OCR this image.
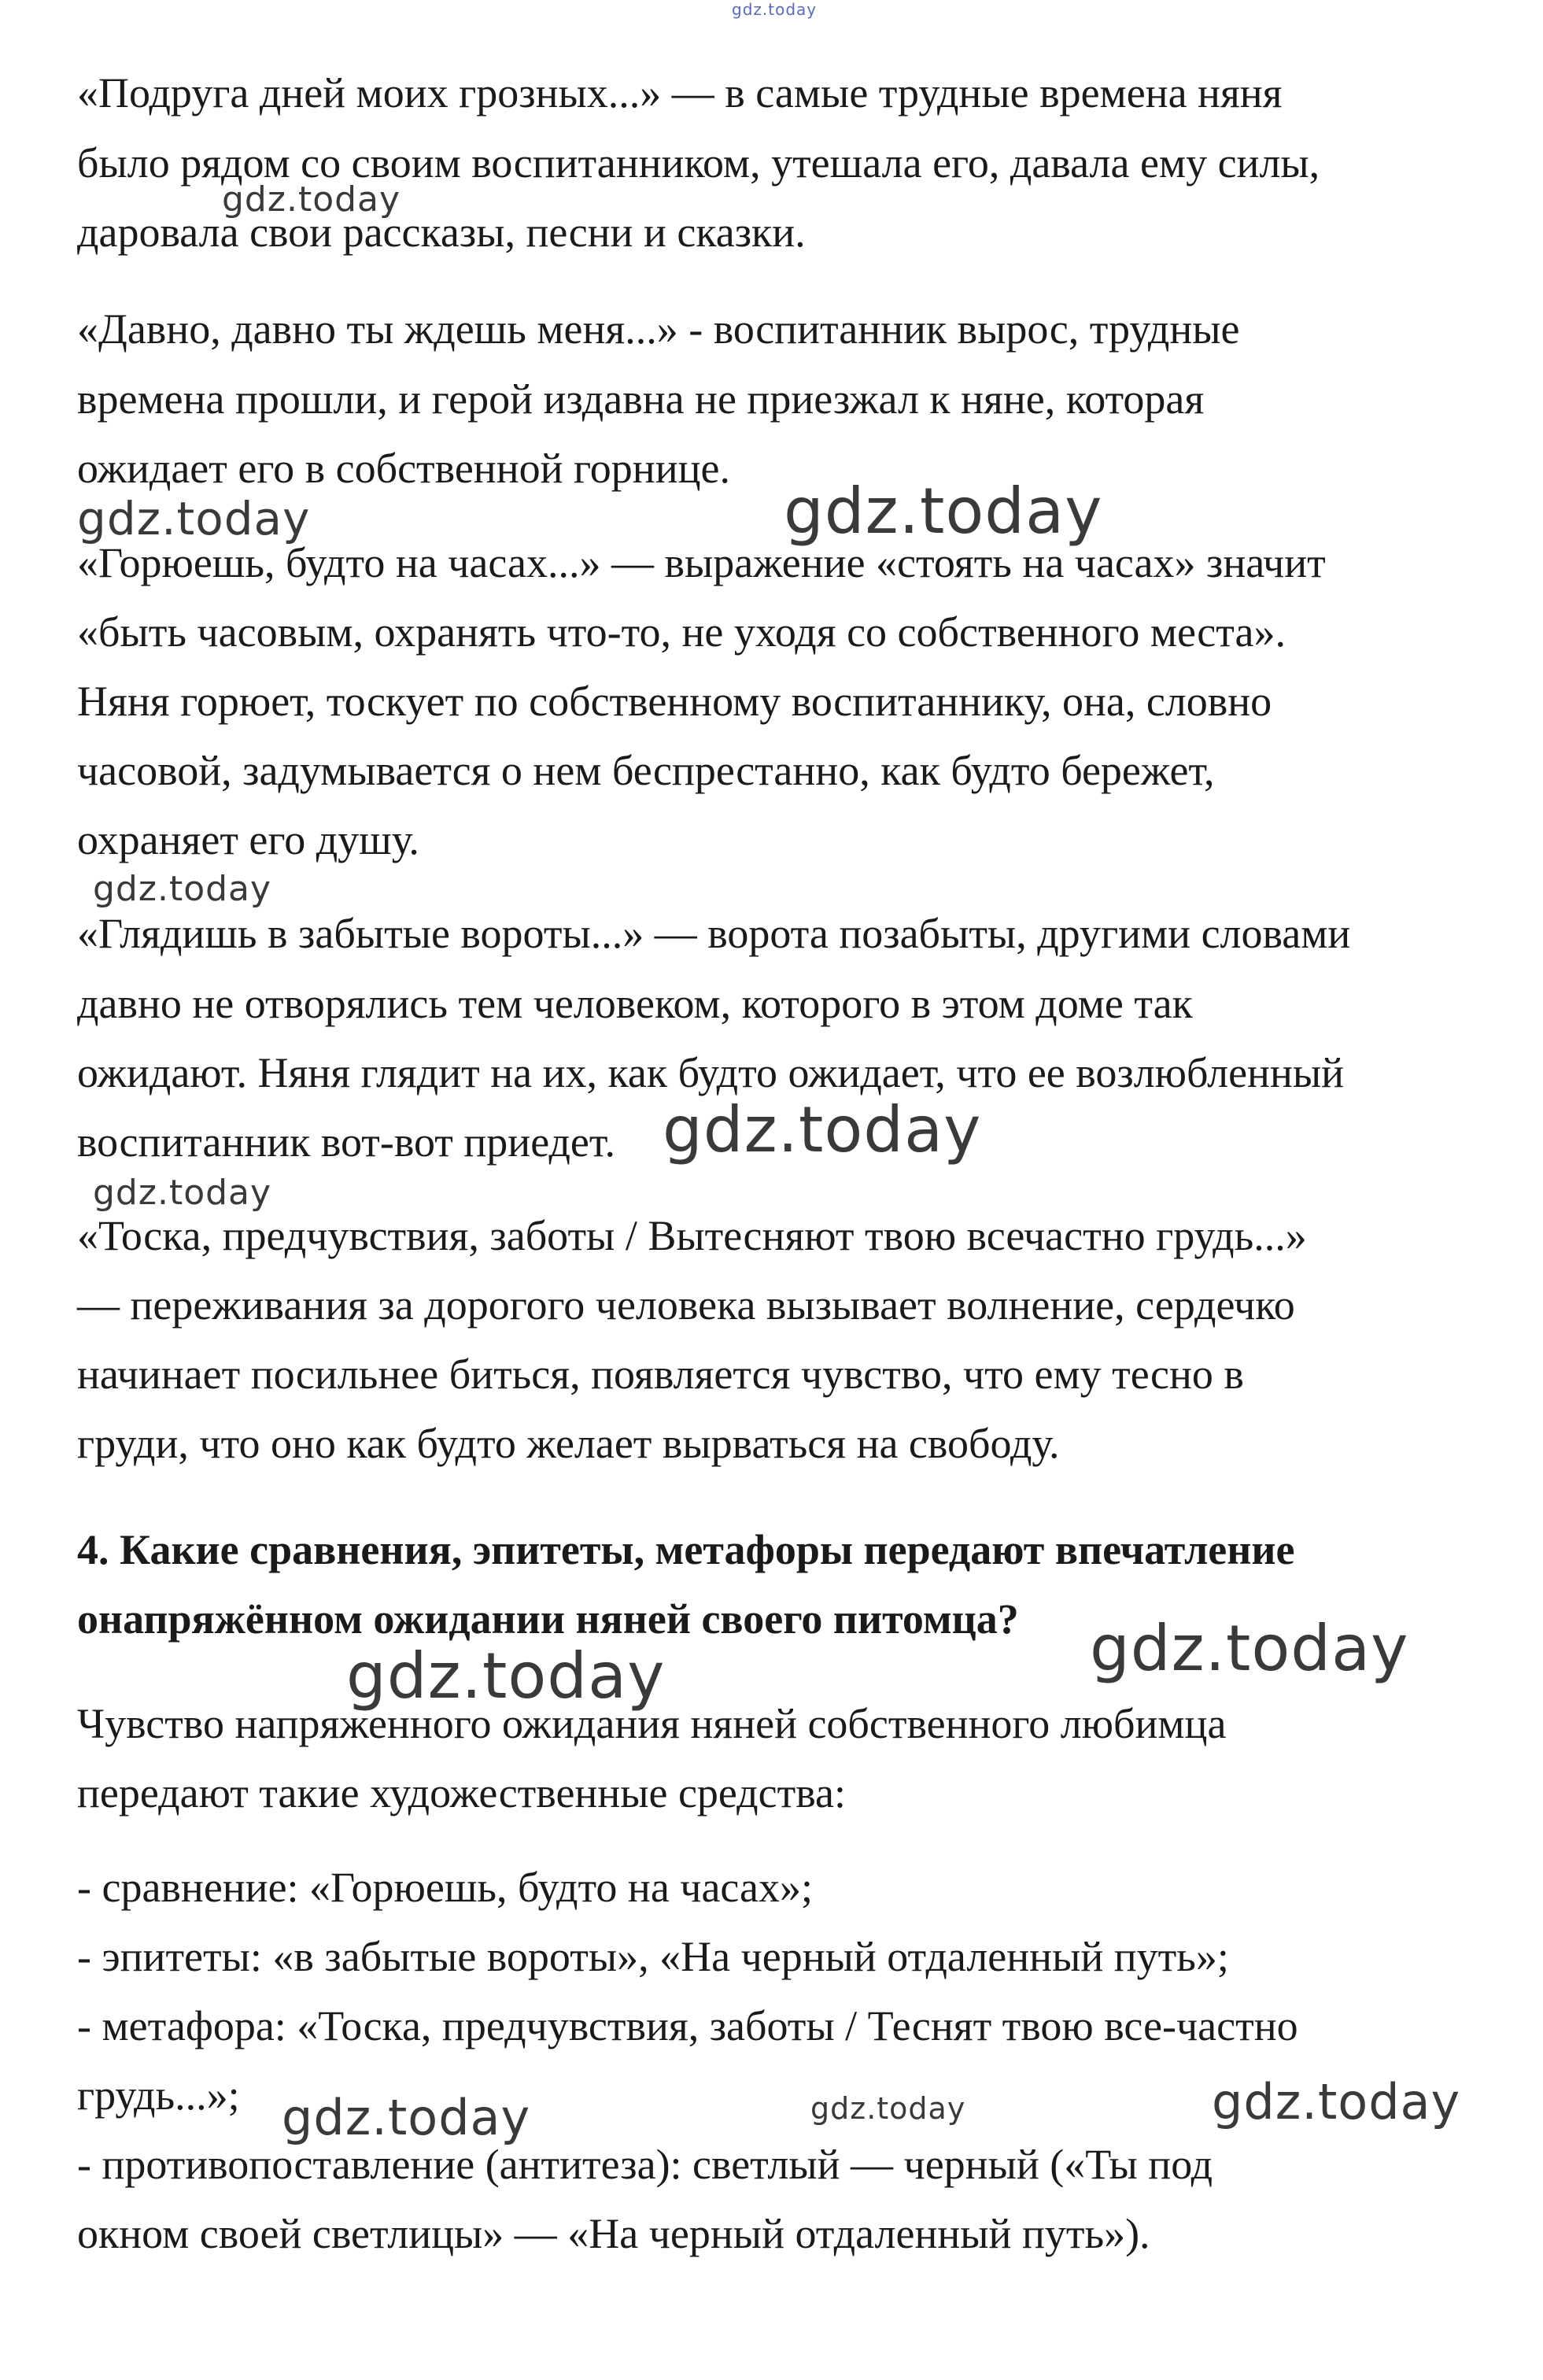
«Подруга дней моих грозных...» — в самые трудные времена няня
было рядом со своим воспитанником, утешала его, давала ему силы,
даровала свои рассказы, песни и сказки.
«Давно, давно ты ждешь меня...» - воспитанник вырос, трудные
времена прошли, и герой издавна не приезжал к няне, которая
ожидает его в собственной горнице.
«Горюешь, будто на часах...» — выражение «стоять на часах» значит
«быть часовым, охранять что-то, не уходя со собственного места».
Няня горюет, тоскует по собственному воспитаннику, она, словно
часовой, задумывается о нем беспрестанно, как будто бережет,
охраняет его душу.
«Глядишь в забытые вороты...» — ворота позабыты, другими словами
давно не отворялись тем человеком, которого в этом доме так
ожидают. Няня глядит на их, как будто ожидает, что ее возлюбленный
воспитанник вот-вот приедет.
«Тоска, предчувствия, заботы / Вытесняют твою всечастно грудь...»
— переживания за дорогого человека вызывает волнение, сердечко
начинает посильнее биться, появляется чувство, что ему тесно в
груди, что оно как будто желает вырваться на свободу.
4. Какие сравнения, эпитеты, метафоры передают впечатление
онапряжённом ожидании няней своего питомца?
Чувство напряженного ожидания няней собственного любимца
передают такие художественные средства:
- сравнение: «Горюешь, будто на часах»;
- эпитеты: «в забытые вороты», «На черный отдаленный путь»;
- метафора: «Тоска, предчувствия, заботы / Теснят твою все-частно
грудь...»;
- противопоставление (антитеза): светлый — черный («Ты под
окном своей светлицы» — «На черный отдаленный путь»).
gdz.today
gdz.today
gdz.today	gdz.today
gdz.today
gdz.today
gdz.today
gdz.today
gdz.today
gdz.today	gdz.today	gdz.today
